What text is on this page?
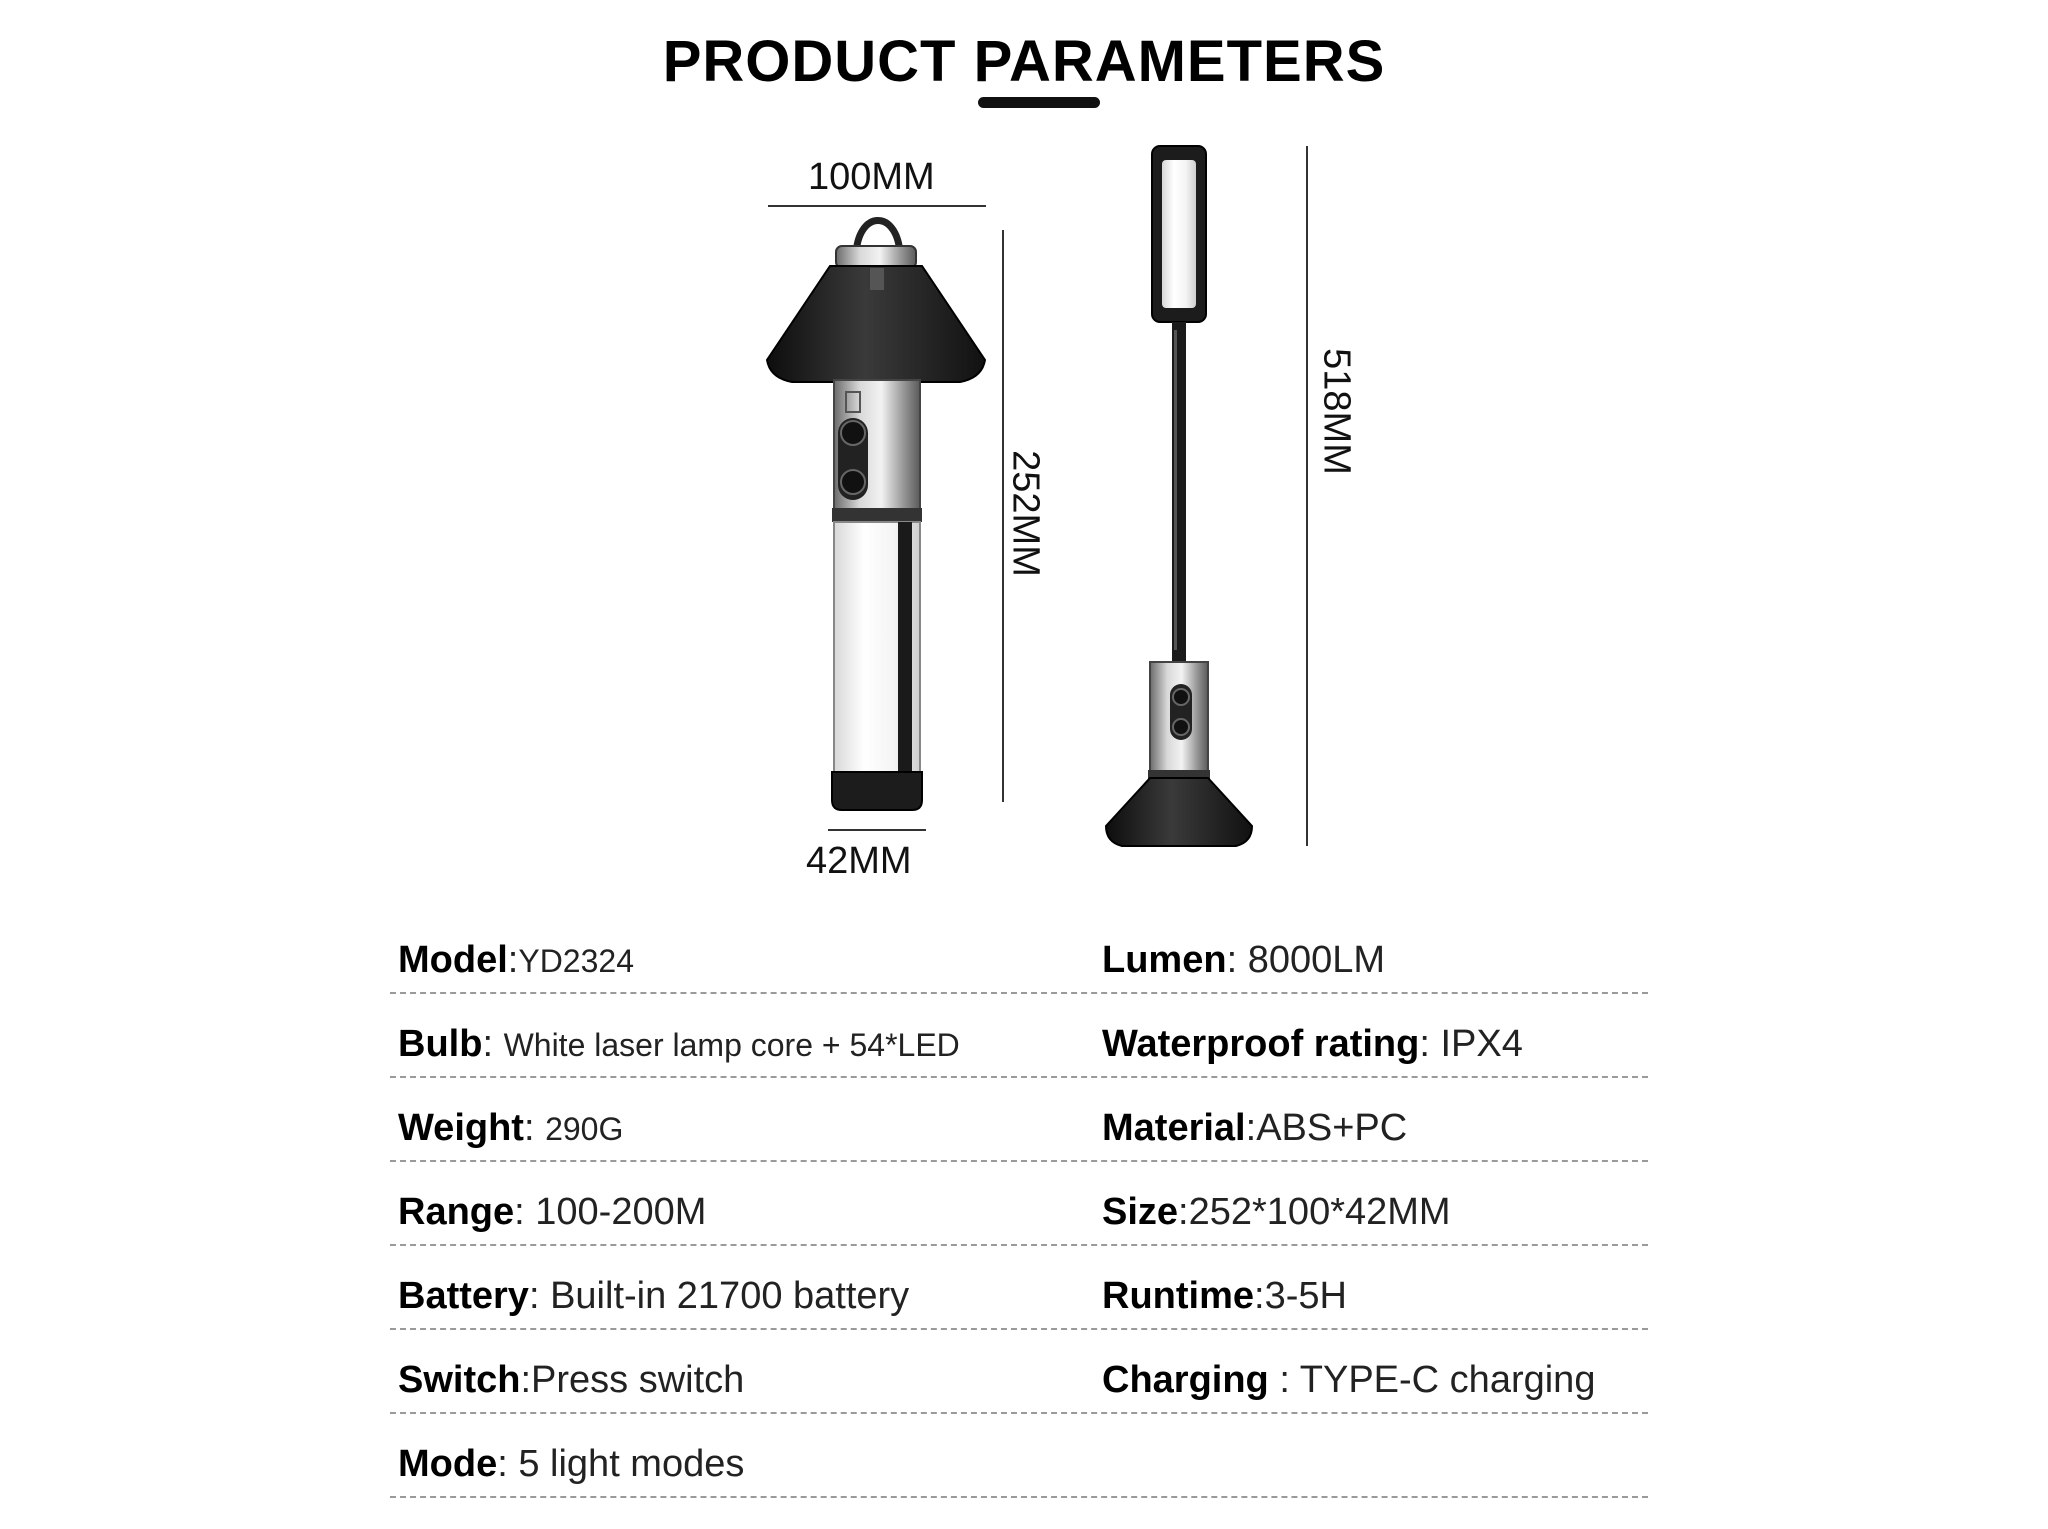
PRODUCT PARAMETERS
100MM
42MM
252MM
518MM
Model:YD2324	Lumen: 8000LM
Bulb: White laser lamp core + 54*LED	Waterproof rating: IPX4
Weight: 290G	Material:ABS+PC
Range: 100-200M	Size:252*100*42MM
Battery: Built-in 21700 battery	Runtime:3-5H
Switch:Press switch	Charging : TYPE-C charging
Mode: 5 light modes
